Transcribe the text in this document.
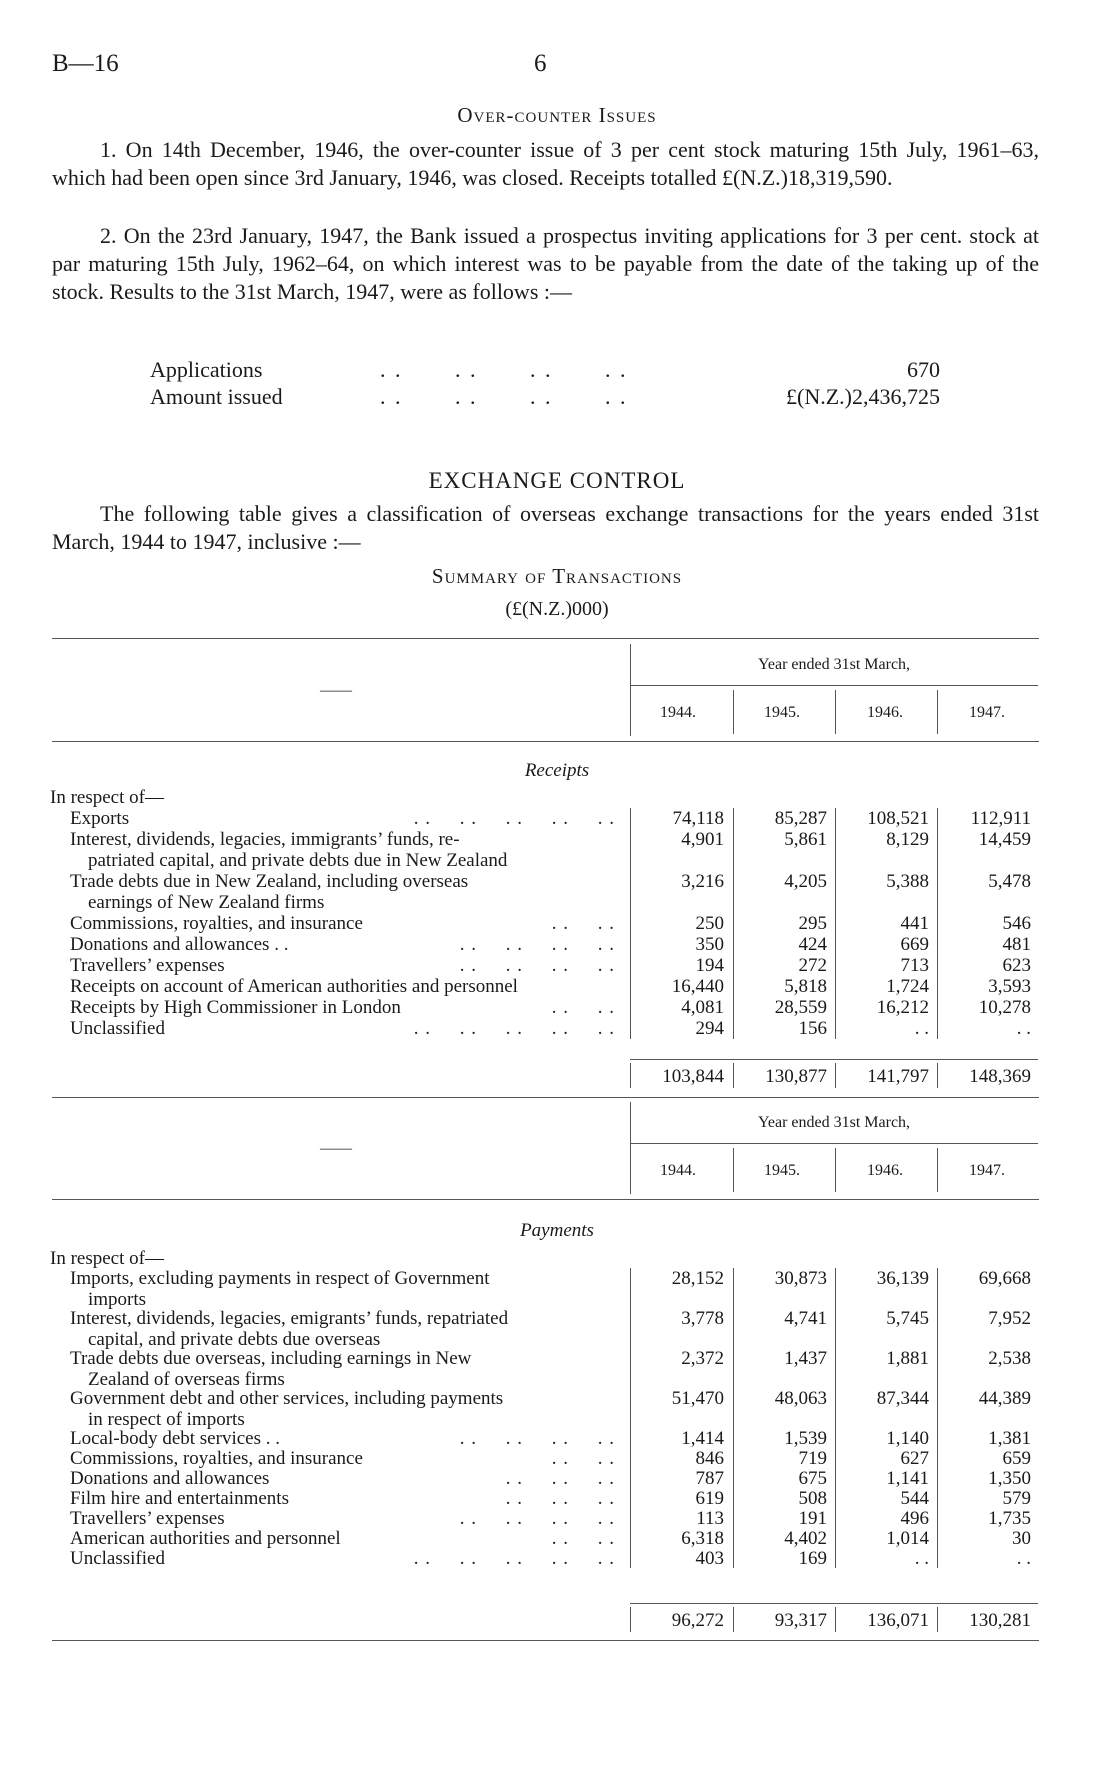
B—16	6
Over-counter Issues
1. On 14th December, 1946, the over-counter issue of 3 per cent stock maturing 15th July, 1961–63, which had been open since 3rd January, 1946, was closed. Receipts totalled £(N.Z.)18,319,590.
2. On the 23rd January, 1947, the Bank issued a prospectus inviting applications for 3 per cent. stock at par maturing 15th July, 1962–64, on which interest was to be payable from the date of the taking up of the stock. Results to the 31st March, 1947, were as follows :—
Applications	. .       . .       . .       . .	670
Amount issued	. .       . .       . .       . .	£(N.Z.)2,436,725
EXCHANGE CONTROL
The following table gives a classification of overseas exchange transactions for the years ended 31st March, 1944 to 1947, inclusive :—
Summary of Transactions
(£(N.Z.)000)
Year ended 31st March,
1944.	1945.	1946.	1947.
——
Receipts
In respect of—
Exports	. .     . .     . .     . .     . .	74,118	85,287	108,521	112,911
Interest, dividends, legacies, immigrants’ funds, re-
patriated capital, and private debts due in New Zealand
4,901	5,861	8,129	14,459
Trade debts due in New Zealand, including overseas
earnings of New Zealand firms
3,216	4,205	5,388	5,478
Commissions, royalties, and insurance	. .     . .	250	295	441	546
Donations and allowances . .	. .     . .     . .     . .	350	424	669	481
Travellers’ expenses	. .     . .     . .     . .	194	272	713	623
Receipts on account of American authorities and personnel	16,440	5,818	1,724	3,593
Receipts by High Commissioner in London	. .     . .	4,081	28,559	16,212	10,278
Unclassified	. .     . .     . .     . .     . .	294	156	. .	. .
103,844	130,877	141,797	148,369
Year ended 31st March,
1944.	1945.	1946.	1947.
——
Payments
In respect of—
Imports, excluding payments in respect of Government
imports
28,152	30,873	36,139	69,668
Interest, dividends, legacies, emigrants’ funds, repatriated
capital, and private debts due overseas
3,778	4,741	5,745	7,952
Trade debts due overseas, including earnings in New
Zealand of overseas firms
2,372	1,437	1,881	2,538
Government debt and other services, including payments
in respect of imports
51,470	48,063	87,344	44,389
Local-body debt services . .	. .     . .     . .     . .	1,414	1,539	1,140	1,381
Commissions, royalties, and insurance	. .     . .	846	719	627	659
Donations and allowances	. .     . .     . .	787	675	1,141	1,350
Film hire and entertainments	. .     . .     . .	619	508	544	579
Travellers’ expenses	. .     . .     . .     . .	113	191	496	1,735
American authorities and personnel	. .     . .	6,318	4,402	1,014	30
Unclassified	. .     . .     . .     . .     . .	403	169	. .	. .
96,272	93,317	136,071	130,281
